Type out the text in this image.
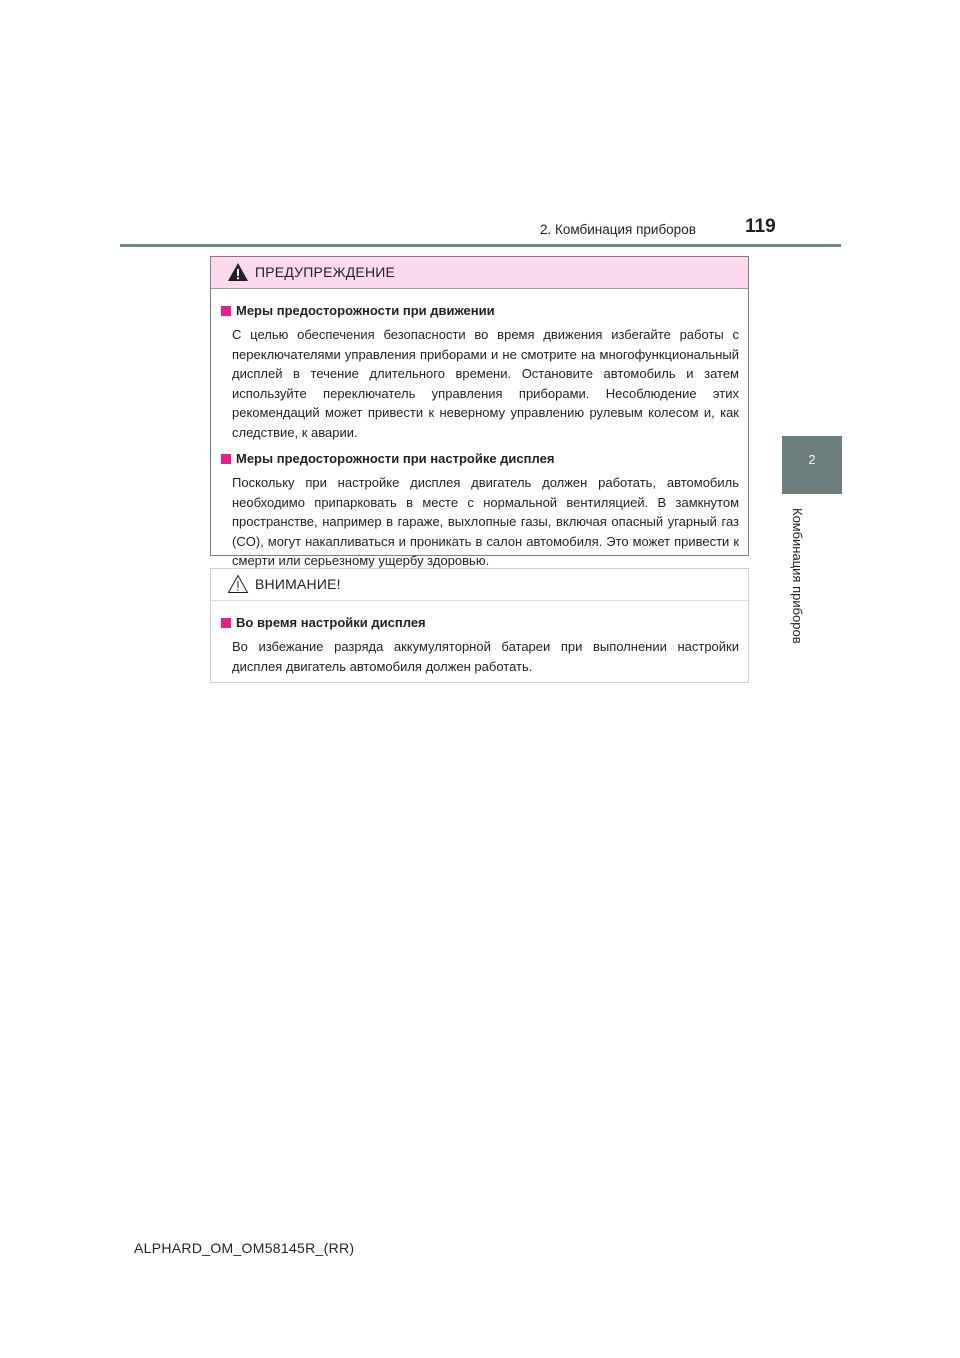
2. Комбинация приборов	119
2
Комбинация приборов
ПРЕДУПРЕЖДЕНИЕ
Меры предосторожности при движении
С целью обеспечения безопасности во время движения избегайте работы с переключателями управления приборами и не смотрите на многофункциональный дисплей в течение длительного времени. Остановите автомобиль и затем используйте переключатель управления приборами. Несоблюдение этих рекомендаций может привести к неверному управлению рулевым колесом и, как следствие, к аварии.
Меры предосторожности при настройке дисплея
Поскольку при настройке дисплея двигатель должен работать, автомобиль необходимо припарковать в месте с нормальной вентиляцией. В замкнутом пространстве, например в гараже, выхлопные газы, включая опасный угарный газ (CO), могут накапливаться и проникать в салон автомобиля. Это может привести к смерти или серьезному ущербу здоровью.
ВНИМАНИЕ!
Во время настройки дисплея
Во избежание разряда аккумуляторной батареи при выполнении настройки дисплея двигатель автомобиля должен работать.
ALPHARD_OM_OM58145R_(RR)
